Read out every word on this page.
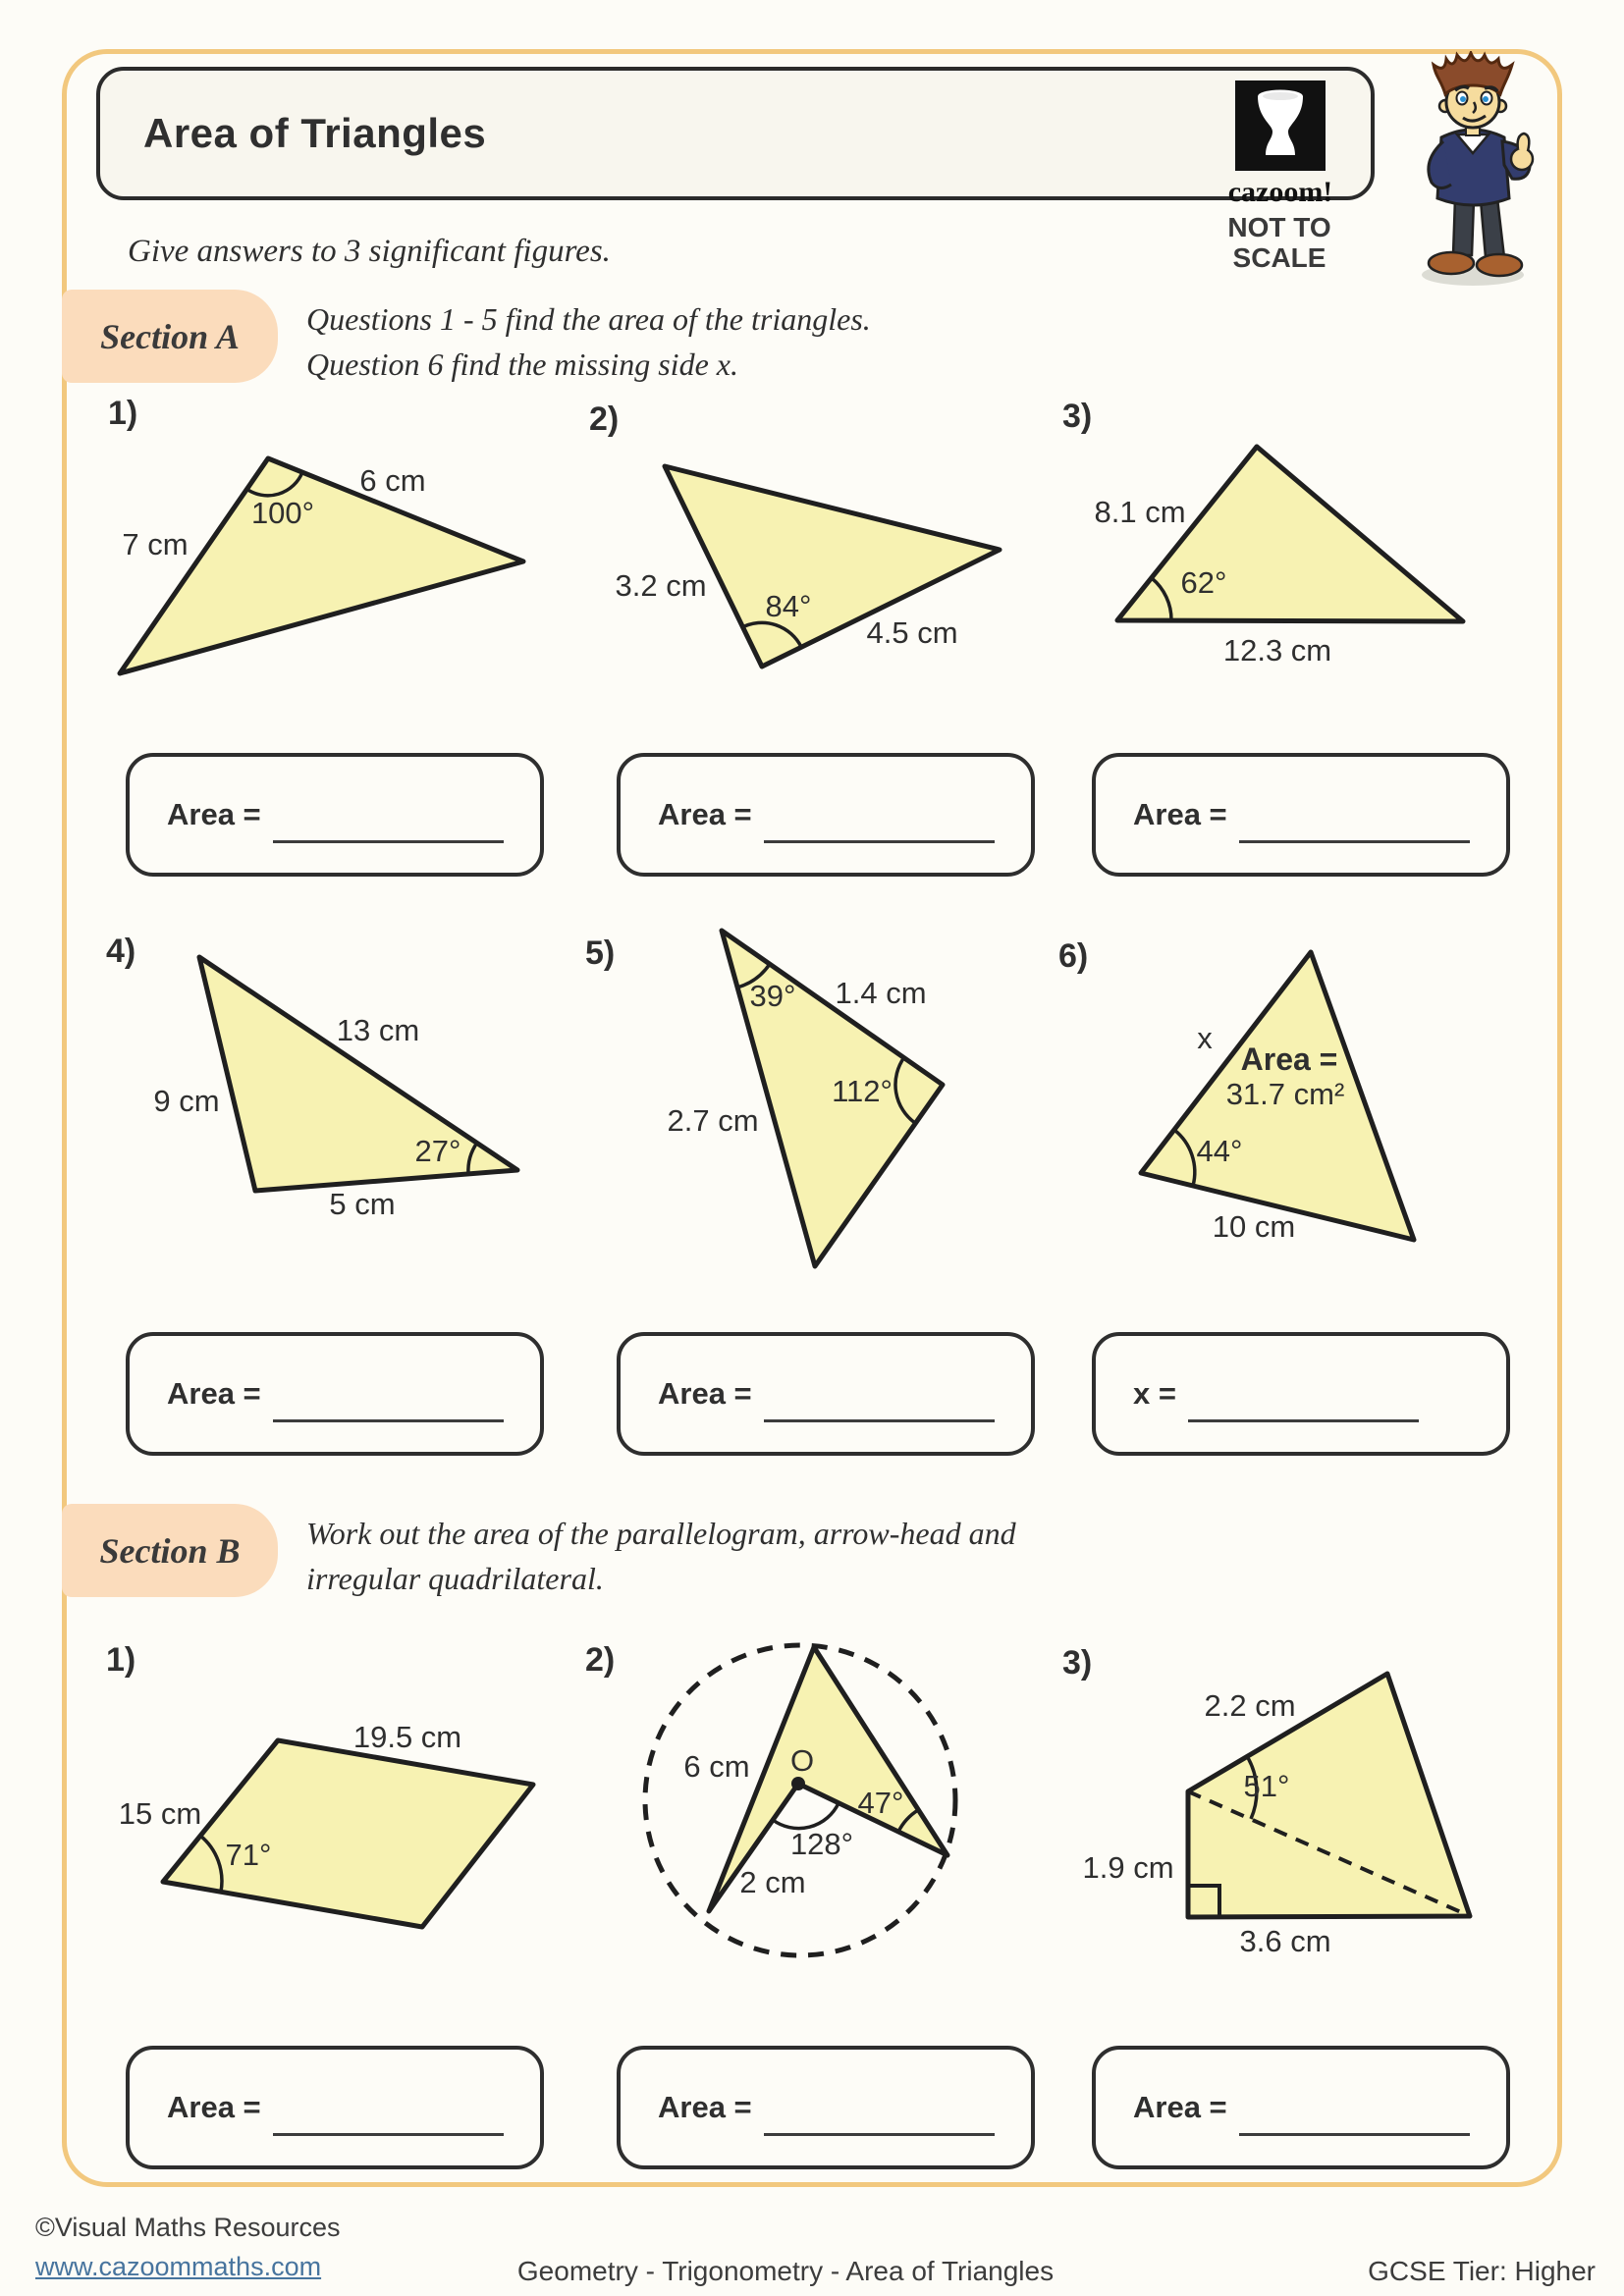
Area of Triangles
cazoom!
NOT TO
SCALE
Give answers to 3 significant figures.
Section A	Questions 1 - 5 find the area of the triangles.
Question 6 find the missing side x.
Section B	Work out the area of the parallelogram, arrow-head and
irregular quadrilateral.
1)	2)	3)
4)	5)	6)
1)	2)	3)
6 cm
100°
7 cm
3.2 cm
84°
4.5 cm
8.1 cm
62°
12.3 cm
13 cm
9 cm
27°
5 cm
39° 1.4 cm
112°
2.7 cm
x
Area =
31.7 cm²
44°
10 cm
19.5 cm
15 cm
71°
6 cm O
47°
128°
2 cm
2.2 cm
51°
1.9 cm
3.6 cm
Area =	Area =	Area =
Area =	Area =	x =
Area =	Area =	Area =
©Visual Maths Resources
www.cazoommaths.com	Geometry - Trigonometry - Area of Triangles	GCSE Tier: Higher
